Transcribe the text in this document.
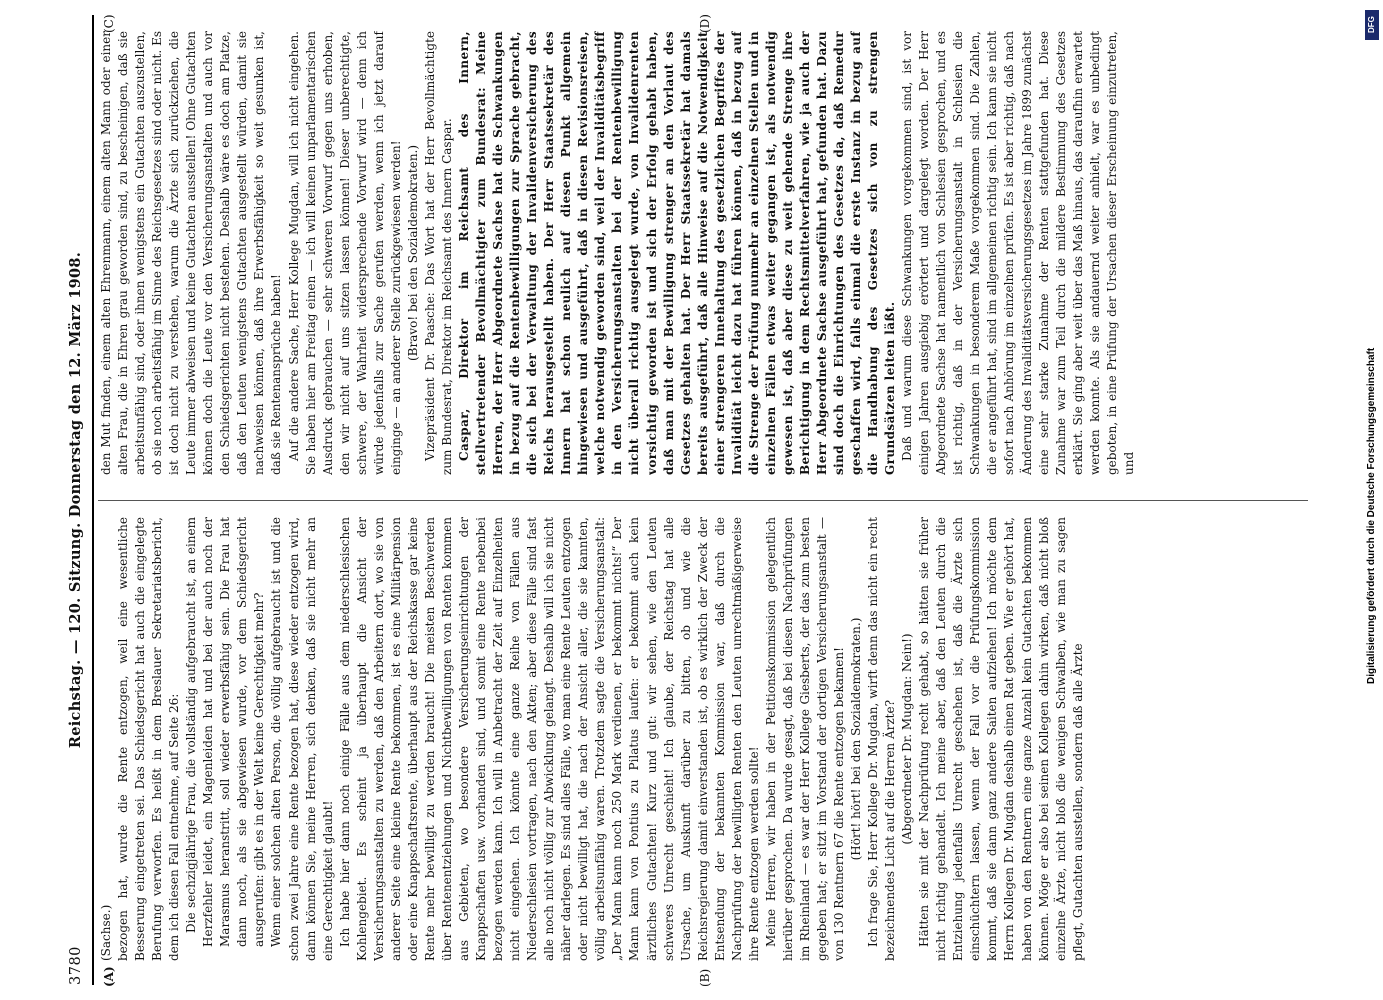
3780
Reichstag. — 120. Sitzung. Donnerstag den 12. März 1908.
(A)	(B)
(C)	(D)

(Sachse.) bezogen hat, wurde die Rente entzogen, weil eine wesentliche Besserung eingetreten sei. Das Schiedsgericht hat auch die eingelegte Berufung verworfen. Es heißt in dem Breslauer Sekretariatsbericht, dem ich diesen Fall entnehme, auf Seite 26: Die sechzigjährige Frau, die vollständig aufgebraucht ist, an einem Herzfehler leidet, ein Magenleiden hat und bei der auch noch der Marasmus heranstritt, soll wieder erwerbsfähig sein. Die Frau hat dann noch, als sie abgewiesen wurde, vor dem Schiedsgericht ausgerufen: gibt es in der Welt keine Gerechtigkeit mehr? Wenn einer solchen alten Person, die völlig aufgebraucht ist und die schon zwei Jahre eine Rente bezogen hat, diese wieder entzogen wird, dann können Sie, meine Herren, sich denken, daß sie nicht mehr an eine Gerechtigkeit glaubt! Ich habe hier dann noch einige Fälle aus dem niederschlesischen Kohlengebiet. Es scheint ja überhaupt die Ansicht der Versicherungsanstalten zu werden, daß den Arbeitern dort, wo sie von anderer Seite eine kleine Rente bekommen, ist es eine Militärpension oder eine Knappschaftsrente, überhaupt aus der Reichskasse gar keine Rente mehr bewilligt zu werden braucht! Die meisten Beschwerden über Rentenentziehungen und Nichtbewilligungen von Renten kommen aus Gebieten, wo besondere Versicherungseinrichtungen der Knappschaften usw. vorhanden sind, und somit eine Rente nebenbei bezogen werden kann. Ich will in Anbetracht der Zeit auf Einzelheiten nicht eingehen. Ich könnte eine ganze Reihe von Fällen aus Niederschlesien vortragen, nach den Akten; aber diese Fälle sind fast alle noch nicht völlig zur Abwicklung gelangt. Deshalb will ich sie nicht näher darlegen. Es sind alles Fälle, wo man eine Rente Leuten entzogen oder nicht bewilligt hat, die nach der Ansicht aller, die sie kannten, völlig arbeitsunfähig waren. Trotzdem sagte die Versicherungsanstalt: „Der Mann kann noch 250 Mark verdienen, er bekommt nichts!“ Der Mann kann von Pontius zu Pilatus laufen: er bekommt auch kein ärztliches Gutachten! Kurz und gut: wir sehen, wie den Leuten schweres Unrecht geschieht! Ich glaube, der Reichstag hat alle Ursache, um Auskunft darüber zu bitten, ob und wie die Reichsregierung damit einverstanden ist, ob es wirklich der Zweck der Entsendung der bekannten Kommission war, daß durch die Nachprüfung der bewilligten Renten den Leuten unrechtmäßigerweise ihre Rente entzogen werden sollte! Meine Herren, wir haben in der Petitionskommission gelegentlich hierüber gesprochen. Da wurde gesagt, daß bei diesen Nachprüfungen im Rheinland — es war der Herr Kollege Giesberts, der das zum besten gegeben hat; er sitzt im Vorstand der dortigen Versicherungsanstalt — von 130 Rentnern 67 die Rente entzogen bekamen! (Hört! hört! bei den Sozialdemokraten.) Ich frage Sie, Herr Kollege Dr. Mugdan, wirft denn das nicht ein recht bezeichnendes Licht auf die Herren Ärzte? (Abgeordneter Dr. Mugdan: Nein!) Hätten sie mit der Nachprüfung recht gehabt, so hätten sie früher nicht richtig gehandelt. Ich meine aber, daß den Leuten durch die Entziehung jedenfalls Unrecht geschehen ist, daß die Ärzte sich einschüchtern lassen, wenn der Fall vor die Prüfungskommission kommt, daß sie dann ganz andere Saiten aufziehen! Ich möchte dem Herrn Kollegen Dr. Mugdan deshalb einen Rat geben. Wie er gehört hat, haben von den Rentnern eine ganze Anzahl kein Gutachten bekommen können. Möge er also bei seinen Kollegen dahin wirken, daß nicht bloß einzelne Ärzte, nicht bloß die wenigen Schwalben, wie man zu sagen pflegt, Gutachten ausstellen, sondern daß alle Ärzte

den Mut finden, einem alten Ehrenmann, einem alten Mann oder einer alten Frau, die in Ehren grau geworden sind, zu bescheinigen, daß sie arbeitsunfähig sind, oder ihnen wenigstens ein Gutachten auszustellen, ob sie noch arbeitsfähig im Sinne des Reichsgesetzes sind oder nicht. Es ist doch nicht zu verstehen, warum die Ärzte sich zurückziehen, die Leute immer abweisen und keine Gutachten ausstellen! Ohne Gutachten können doch die Leute vor den Versicherungsanstalten und auch vor den Schiedsgerichten nicht bestehen. Deshalb wäre es doch am Platze, daß den Leuten wenigstens Gutachten ausgestellt würden, damit sie nachweisen können, daß ihre Erwerbsfähigkeit so weit gesunken ist, daß sie Rentenansprüche haben! Auf die andere Sache, Herr Kollege Mugdan, will ich nicht eingehen. Sie haben hier am Freitag einen — ich will keinen unparlamentarischen Ausdruck gebrauchen — sehr schweren Vorwurf gegen uns erhoben, den wir nicht auf uns sitzen lassen können! Dieser unberechtigte, schwere, der Wahrheit widersprechende Vorwurf wird — denn ich würde jedenfalls zur Sache gerufen werden, wenn ich jetzt darauf einginge — an anderer Stelle zurückgewiesen werden! (Bravo! bei den Sozialdemokraten.) Vizepräsident Dr. Paasche: Das Wort hat der Herr Bevollmächtigte zum Bundesrat, Direktor im Reichsamt des Innern Caspar. Caspar, Direktor im Reichsamt des Innern, stellvertretender Bevollmächtigter zum Bundesrat: Meine Herren, der Herr Abgeordnete Sachse hat die Schwankungen in bezug auf die Rentenbewilligungen zur Sprache gebracht, die sich bei der Verwaltung der Invalidenversicherung des Reichs herausgestellt haben. Der Herr Staatssekretär des Innern hat schon neulich auf diesen Punkt allgemein hingewiesen und ausgeführt, daß in diesen Revisionsreisen, welche notwendig geworden sind, weil der Invaliditätsbegriff in den Versicherungsanstalten bei der Rentenbewilligung nicht überall richtig ausgelegt wurde, von Invalidenrenten vorsichtig geworden ist und sich der Erfolg gehabt haben, daß man mit der Bewilligung strenger an den Vorlaut des Gesetzes gehalten hat. Der Herr Staatssekretär hat damals bereits ausgeführt, daß alle Hinweise auf die Notwendigkeit einer strengeren Innehaltung des gesetzlichen Begriffes der Invalidität leicht dazu hat führen können, daß in bezug auf die Strenge der Prüfung nunmehr an einzelnen Stellen und in einzelnen Fällen etwas weiter gegangen ist, als notwendig gewesen ist, daß aber diese zu weit gehende Strenge ihre Berichtigung in dem Rechtsmittelverfahren, wie ja auch der Herr Abgeordnete Sachse ausgeführt hat, gefunden hat. Dazu sind doch die Einrichtungen des Gesetzes da, daß Remedur geschaffen wird, falls einmal die erste Instanz in bezug auf die Handhabung des Gesetzes sich von zu strengen Grundsätzen leiten läßt. Daß und warum diese Schwankungen vorgekommen sind, ist vor einigen Jahren ausgiebig erörtert und dargelegt worden. Der Herr Abgeordnete Sachse hat namentlich von Schlesien gesprochen, und es ist richtig, daß in der Versicherungsanstalt in Schlesien die Schwankungen in besonderem Maße vorgekommen sind. Die Zahlen, die er angeführt hat, sind im allgemeinen richtig sein. Ich kann sie nicht sofort nach Anhörung im einzelnen prüfen. Es ist aber richtig, daß nach Änderung des Invaliditätsversicherungsgesetzes im Jahre 1899 zunächst eine sehr starke Zunahme der Renten stattgefunden hat. Diese Zunahme war zum Teil durch die mildere Bestimmung des Gesetzes erklärt. Sie ging aber weit über das Maß hinaus, das daraufhin erwartet werden konnte. Als sie andauernd weiter anhielt, war es unbedingt geboten, in eine Prüfung der Ursachen dieser Erscheinung einzutreten, und

DFG
Digitalisierung gefördert durch die Deutsche Forschungsgemeinschaft
